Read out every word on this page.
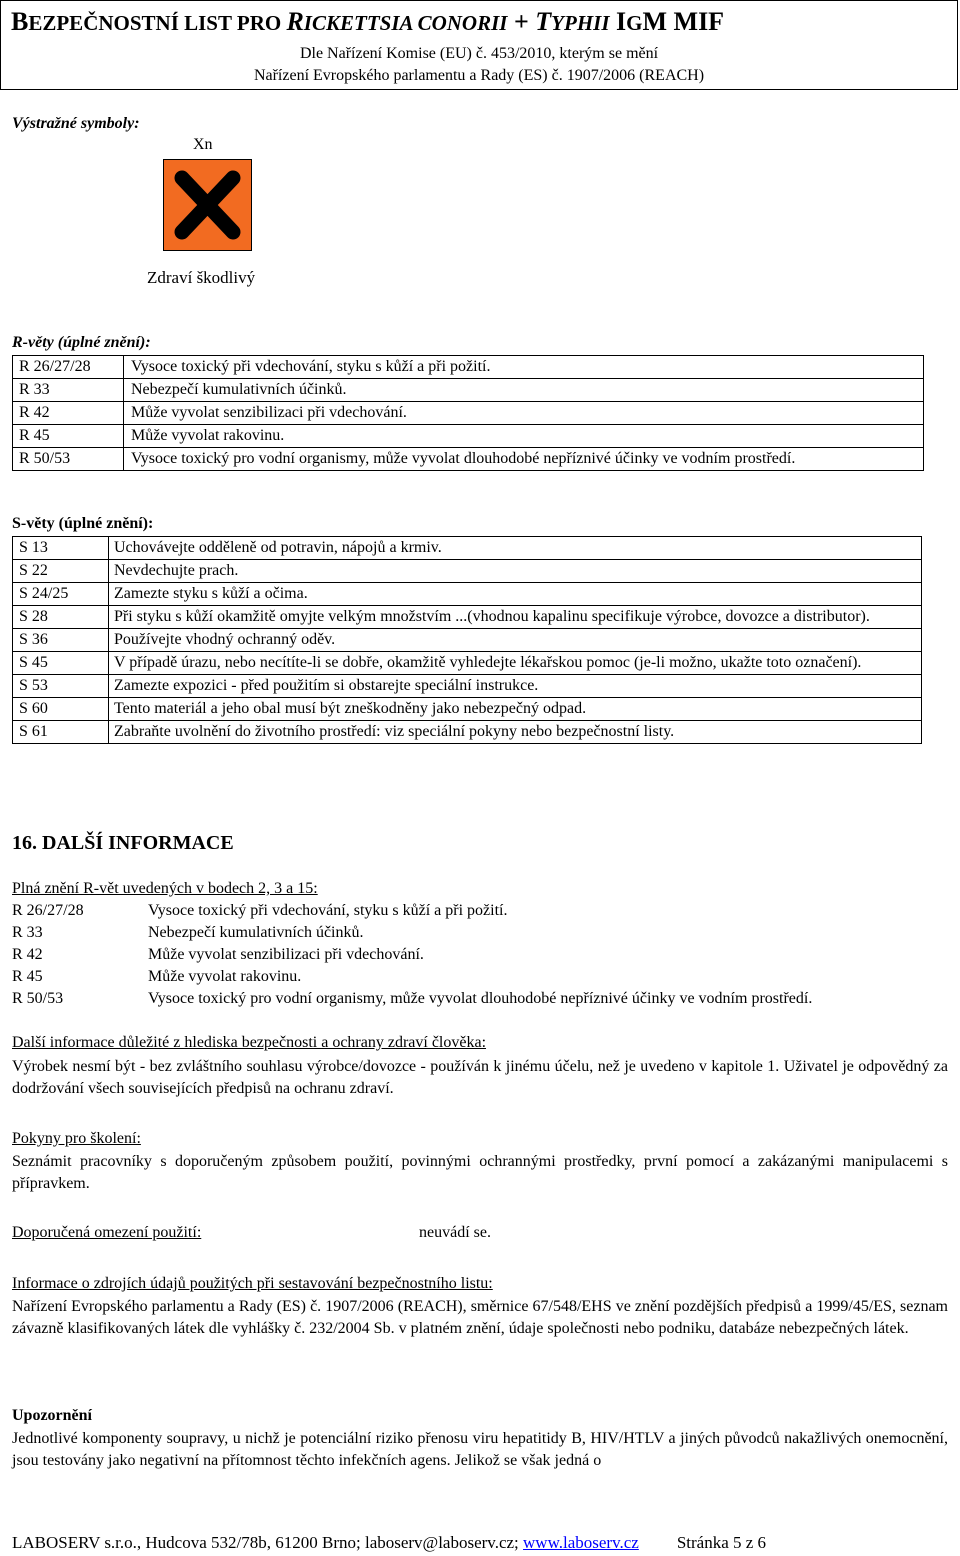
BEZPEČNOSTNÍ LIST PRO RICKETTSIA CONORII + TYPHII IGM MIF
Dle Nařízení Komise (EU) č. 453/2010, kterým se mění
Nařízení Evropského parlamentu a Rady (ES) č. 1907/2006 (REACH)
Výstražné symboly:
Xn
Zdraví škodlivý
R-věty (úplné znění):
R 26/27/28	Vysoce toxický při vdechování, styku s kůží a při požití.
R 33	Nebezpečí kumulativních účinků.
R 42	Může vyvolat senzibilizaci při vdechování.
R 45	Může vyvolat rakovinu.
R 50/53	Vysoce toxický pro vodní organismy, může vyvolat dlouhodobé nepříznivé účinky ve vodním prostředí.
S-věty (úplné znění):
S 13	Uchovávejte odděleně od potravin, nápojů a krmiv.
S 22	Nevdechujte prach.
S 24/25	Zamezte styku s kůží a očima.
S 28	Při styku s kůží okamžitě omyjte velkým množstvím ...(vhodnou kapalinu specifikuje výrobce, dovozce a distributor).
S 36	Používejte vhodný ochranný oděv.
S 45	V případě úrazu, nebo necítíte-li se dobře, okamžitě vyhledejte lékařskou pomoc (je-li možno, ukažte toto označení).
S 53	Zamezte expozici - před použitím si obstarejte speciální instrukce.
S 60	Tento materiál a jeho obal musí být zneškodněny jako nebezpečný odpad.
S 61	Zabraňte uvolnění do životního prostředí: viz speciální pokyny nebo bezpečnostní listy.
16. DALŠÍ INFORMACE
Plná znění R-vět uvedených v bodech 2, 3 a 15:
R 26/27/28	Vysoce toxický při vdechování, styku s kůží a při požití.
R 33	Nebezpečí kumulativních účinků.
R 42	Může vyvolat senzibilizaci při vdechování.
R 45	Může vyvolat rakovinu.
R 50/53	Vysoce toxický pro vodní organismy, může vyvolat dlouhodobé nepříznivé účinky ve vodním prostředí.
Další informace důležité z hlediska bezpečnosti a ochrany zdraví člověka:
Výrobek nesmí být - bez zvláštního souhlasu výrobce/dovozce - používán k jinému účelu, než je uvedeno v kapitole 1. Uživatel je odpovědný za dodržování všech souvisejících předpisů na ochranu zdraví.
Pokyny pro školení:
Seznámit pracovníky s doporučeným způsobem použití, povinnými ochrannými prostředky, první pomocí a zakázanými manipulacemi s přípravkem.
Doporučená omezení použití:	neuvádí se.
Informace o zdrojích údajů použitých při sestavování bezpečnostního listu:
Nařízení Evropského parlamentu a Rady (ES) č. 1907/2006 (REACH), směrnice 67/548/EHS ve znění pozdějších předpisů a 1999/45/ES, seznam závazně klasifikovaných látek dle vyhlášky č. 232/2004 Sb. v platném znění, údaje společnosti nebo podniku, databáze nebezpečných látek.
Upozornění
Jednotlivé komponenty soupravy, u nichž je potenciální riziko přenosu viru hepatitidy B, HIV/HTLV a jiných původců nakažlivých onemocnění, jsou testovány jako negativní na přítomnost těchto infekčních agens. Jelikož se však jedná o
LABOSERV s.r.o., Hudcova 532/78b, 61200 Brno; laboserv@laboserv.cz; www.laboserv.cz Stránka 5 z 6
